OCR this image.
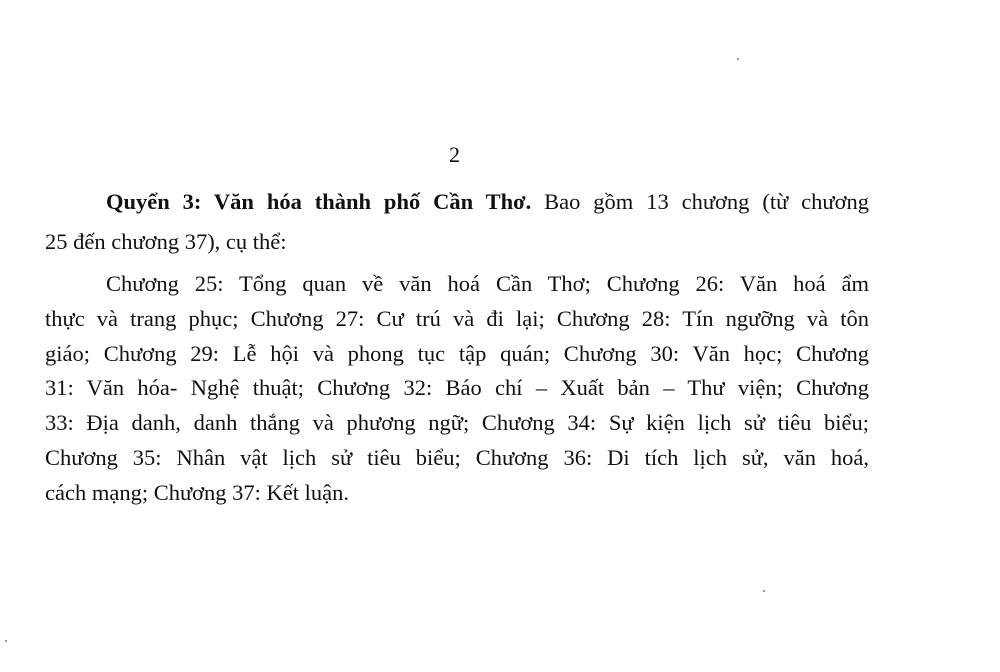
2
Quyển 3: Văn hóa thành phố Cần Thơ. Bao gồm 13 chương (từ chương
25 đến chương 37), cụ thể:
Chương 25: Tổng quan về văn hoá Cần Thơ; Chương 26: Văn hoá ẩm
thực và trang phục; Chương 27: Cư trú và đi lại; Chương 28: Tín ngưỡng và tôn
giáo; Chương 29: Lễ hội và phong tục tập quán; Chương 30: Văn học; Chương
31: Văn hóa- Nghệ thuật; Chương 32: Báo chí – Xuất bản – Thư viện; Chương
33: Địa danh, danh thắng và phương ngữ; Chương 34: Sự kiện lịch sử tiêu biểu;
Chương 35: Nhân vật lịch sử tiêu biểu; Chương 36: Di tích lịch sử, văn hoá,
cách mạng; Chương 37: Kết luận.
